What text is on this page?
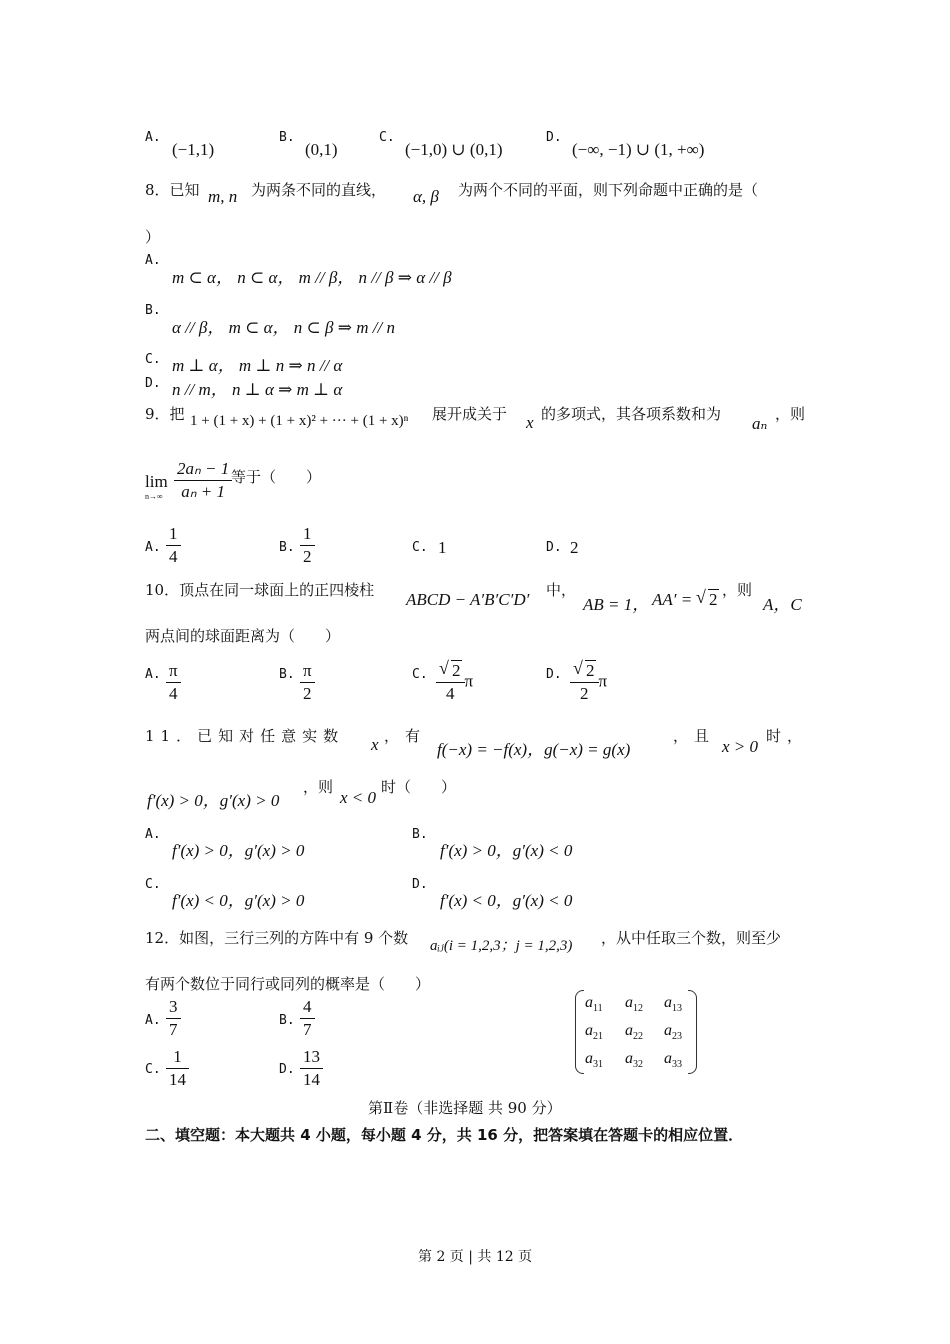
A.
(−1,1)
B.
(0,1)
C.
(−1,0) ∪ (0,1)
D.
(−∞, −1) ∪ (1, +∞)
8．已知 m, n 为两条不同的直线， α, β 为两个不同的平面，则下列命题中正确的是（
）
A.
m ⊂ α， n ⊂ α， m // β， n // β ⇒ α // β
B.
α // β， m ⊂ α， n ⊂ β ⇒ m // n
C. m ⊥ α， m ⊥ n ⇒ n // α
D. n // m， n ⊥ α ⇒ m ⊥ α
9．把 1 + (1 + x) + (1 + x)² + ··· + (1 + x)ⁿ 展开成关于 x 的多项式，其各项系数和为 aₙ ，则
lim
$n\to\infty \frac{\text{2aₙ − 1}}{\text{aₙ + 1}}$
等于（　　）
A. $\frac{1}{4}$	B. $\frac{1}{2}$	C. 1	D. 2
10．顶点在同一球面上的正四棱柱 ABCD − A′B′C′D′ 中，
AB = 1， AA′ = √ 2 ，则
A，C
两点间的球面距离为（　　）
A. $\frac{\pi}{4}$	B. $\frac{\pi}{2}$	C. $\frac{√ 2}{4}$ π	D. $\frac{√ 2}{2}$ π
11．已知对任意实数 x ，有
f(−x) = −f(x)，g(−x) = g(x)
，且
x > 0
时，
f′(x) > 0，g′(x) > 0
，则
x < 0
时（　　）
A.
f′(x) > 0，g′(x) > 0
B.
f′(x) > 0，g′(x) < 0
C.
f′(x) < 0，g′(x) > 0
D.
f′(x) < 0，g′(x) < 0
12．如图，三行三列的方阵中有 9 个数 aᵢⱼ(i = 1,2,3；j = 1,2,3) ，从中任取三个数，则至少
有两个数位于同行或同列的概率是（　　）
A. $\frac{3}{7}$	B. $\frac{4}{7}$
C. $\frac{1}{14}$	D. $\frac{13}{14}$
$a_{11}$ $a_{12}$ $a_{13}$
$a_{21}$ $a_{22}$ $a_{23}$
$a_{31}$ $a_{32}$ $a_{33}$
第Ⅱ卷（非选择题 共 90 分）
二、填空题：本大题共 4 小题，每小题 4 分，共 16 分，把答案填在答题卡的相应位置．
第 2 页 | 共 12 页
